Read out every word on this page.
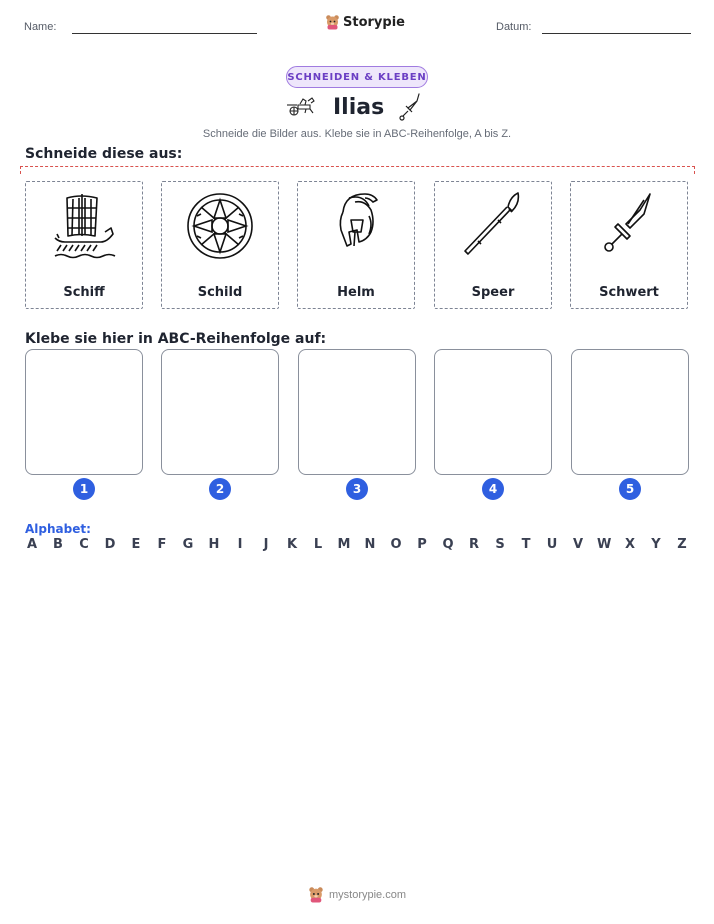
Name:	Storypie	Datum:
SCHNEIDEN & KLEBEN
Ilias
Schneide die Bilder aus. Klebe sie in ABC-Reihenfolge, A bis Z.
Schneide diese aus:
Schiff	Schild	Helm	Speer	Schwert
Klebe sie hier in ABC-Reihenfolge auf:
1	2	3	4	5
Alphabet:
A B C D E F G H	I	J	K L M N O P Q R S T U V W X Y Z
mystorypie.com
